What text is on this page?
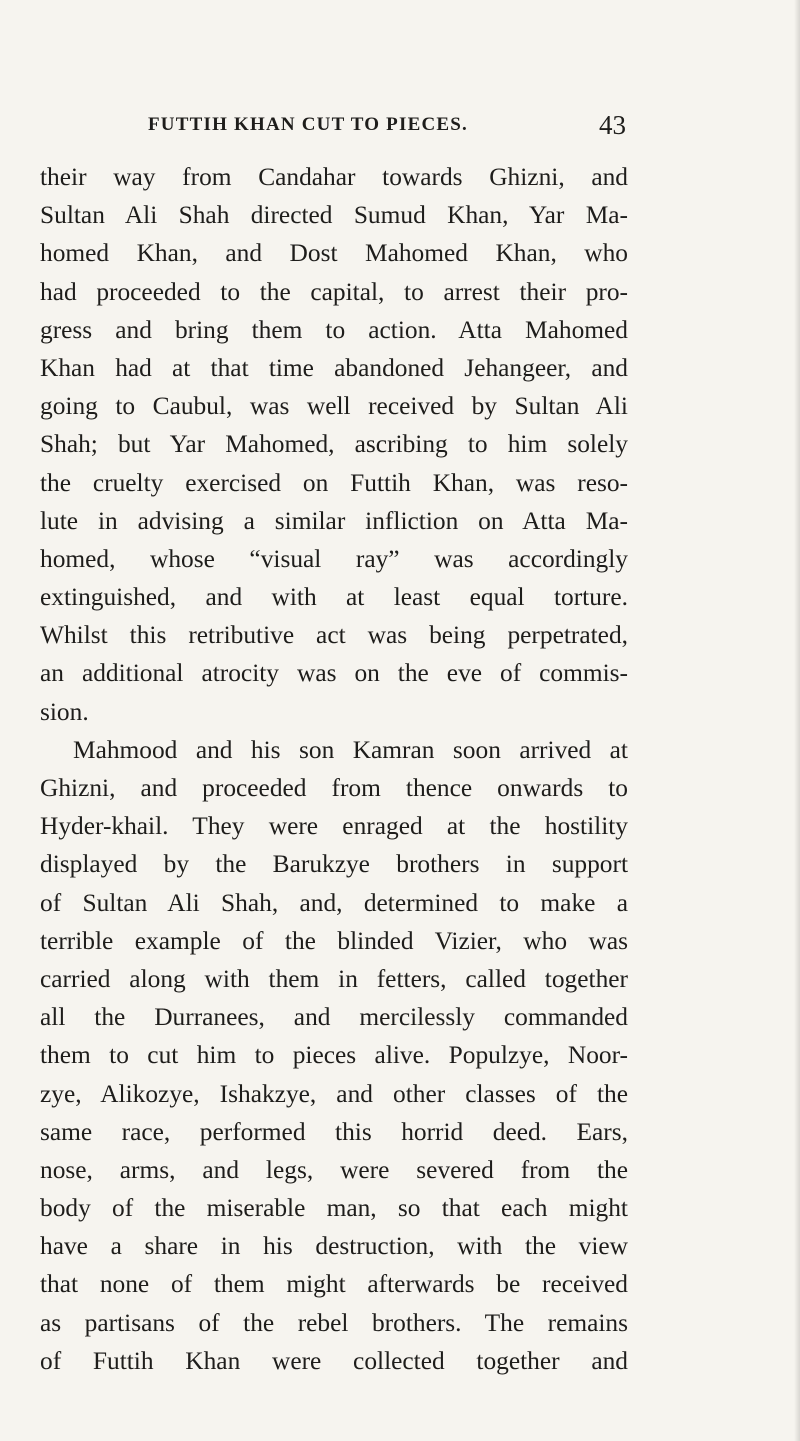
FUTTIH KHAN CUT TO PIECES.	43
their way from Candahar towards Ghizni, and
Sultan Ali Shah directed Sumud Khan, Yar Ma-
homed Khan, and Dost Mahomed Khan, who
had proceeded to the capital, to arrest their pro-
gress and bring them to action. Atta Mahomed
Khan had at that time abandoned Jehangeer, and
going to Caubul, was well received by Sultan Ali
Shah; but Yar Mahomed, ascribing to him solely
the cruelty exercised on Futtih Khan, was reso-
lute in advising a similar infliction on Atta Ma-
homed, whose “visual ray” was accordingly
extinguished, and with at least equal torture.
Whilst this retributive act was being perpetrated,
an additional atrocity was on the eve of commis-
sion.
Mahmood and his son Kamran soon arrived at
Ghizni, and proceeded from thence onwards to
Hyder-khail. They were enraged at the hostility
displayed by the Barukzye brothers in support
of Sultan Ali Shah, and, determined to make a
terrible example of the blinded Vizier, who was
carried along with them in fetters, called together
all the Durranees, and mercilessly commanded
them to cut him to pieces alive. Populzye, Noor-
zye, Alikozye, Ishakzye, and other classes of the
same race, performed this horrid deed. Ears,
nose, arms, and legs, were severed from the
body of the miserable man, so that each might
have a share in his destruction, with the view
that none of them might afterwards be received
as partisans of the rebel brothers. The remains
of Futtih Khan were collected together and
